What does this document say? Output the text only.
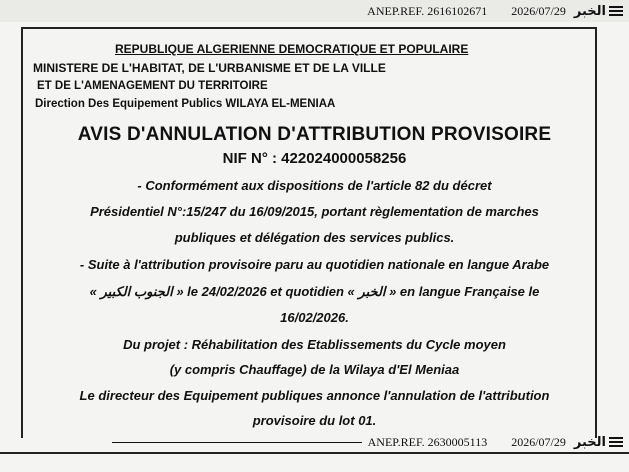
ANEP.REF. 2616102671 2026/07/29 الخبر
REPUBLIQUE ALGERIENNE DEMOCRATIQUE ET POPULAIRE
MINISTERE DE L'HABITAT, DE L'URBANISME ET DE LA VILLE
ET DE L'AMENAGEMENT DU TERRITOIRE
Direction Des Equipement Publics WILAYA EL-MENIAA
AVIS D'ANNULATION D'ATTRIBUTION PROVISOIRE
NIF N° : 422024000058256
- Conformément aux dispositions de l'article 82 du décret
Présidentiel N°:15/247 du 16/09/2015, portant règlementation de marches
publiques et délégation des services publics.
- Suite à l'attribution provisoire paru au quotidien nationale en langue Arabe
« الجنوب الكبير » le 24/02/2026 et quotidien « الخبر » en langue Française le
16/02/2026.
Du projet : Réhabilitation des Etablissements du Cycle moyen
(y compris Chauffage) de la Wilaya d'El Meniaa
Le directeur des Equipement publiques annonce l'annulation de l'attribution
provisoire du lot 01.
ANEP.REF. 2630005113 2026/07/29 الخبر
